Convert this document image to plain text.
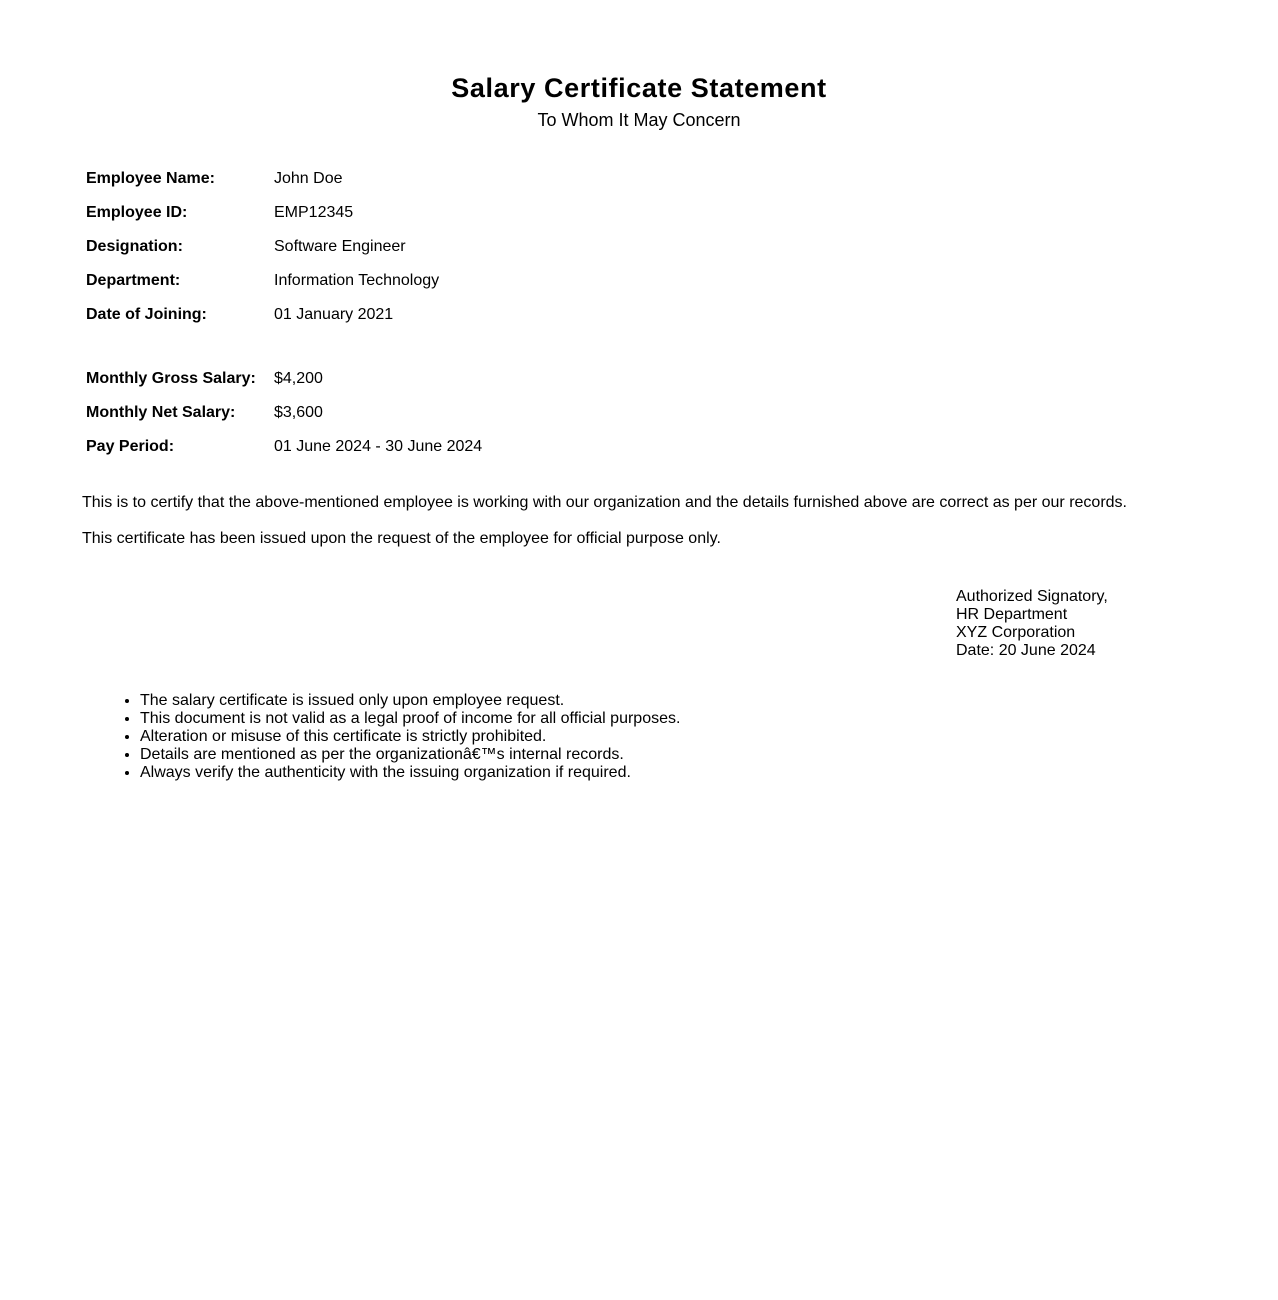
Salary Certificate Statement
To Whom It May Concern
Employee Name:	John Doe
Employee ID:	EMP12345
Designation:	Software Engineer
Department:	Information Technology
Date of Joining:	01 January 2021
Monthly Gross Salary: $4,200
Monthly Net Salary: $3,600
Pay Period:	01 June 2024 - 30 June 2024

This is to certify that the above-mentioned employee is working with our organization and the details furnished above are correct as per our records.

This certificate has been issued upon the request of the employee for official purpose only.

Authorized Signatory,
HR Department
XYZ Corporation
Date: 20 June 2024
• The salary certificate is issued only upon employee request.
• This document is not valid as a legal proof of income for all official purposes.
• Alteration or misuse of this certificate is strictly prohibited.
• Details are mentioned as per the organizationâ€™s internal records.
• Always verify the authenticity with the issuing organization if required.
